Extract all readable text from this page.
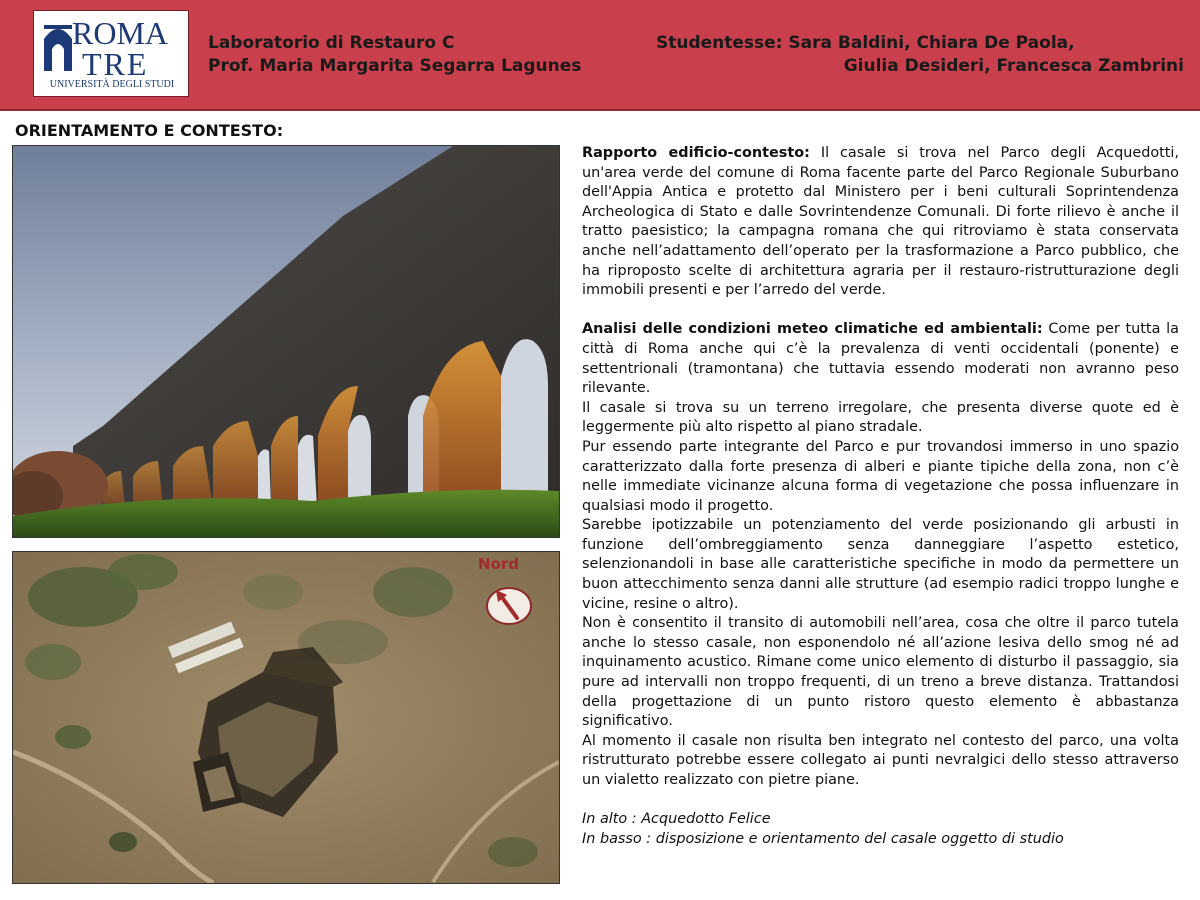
ROMA
TRE
UNIVERSITÀ DEGLI STUDI
Laboratorio di Restauro C
Prof. Maria Margarita Segarra Lagunes
Studentesse: Sara Baldini, Chiara De Paola,
Giulia Desideri, Francesca Zambrini
ORIENTAMENTO E CONTESTO:
Nord

Rapporto edificio-contesto: Il casale si trova nel Parco degli Acquedotti, un'area verde del comune di Roma facente parte del Parco Regionale Suburbano dell'Appia Antica e protetto dal Ministero per i beni culturali Soprintendenza Archeologica di Stato e dalle Sovrintendenze Comunali. Di forte rilievo è anche il tratto paesistico; la campagna romana che qui ritroviamo è stata conservata anche nell’adattamento dell’operato per la trasformazione a Parco pubblico, che ha riproposto scelte di architettura agraria per il restauro-ristrutturazione degli immobili presenti e per l’arredo del verde.

Analisi delle condizioni meteo climatiche ed ambientali: Come per tutta la città di Roma anche qui c’è la prevalenza di venti occidentali (ponente) e settentrionali (tramontana) che tuttavia essendo moderati non avranno peso rilevante.

Il casale si trova su un terreno irregolare, che presenta diverse quote ed è leggermente più alto rispetto al piano stradale.

Pur essendo parte integrante del Parco e pur trovandosi immerso in uno spazio caratterizzato dalla forte presenza di alberi e piante tipiche della zona, non c’è nelle immediate vicinanze alcuna forma di vegetazione che possa influenzare in qualsiasi modo il progetto.

Sarebbe ipotizzabile un potenziamento del verde posizionando gli arbusti in funzione dell’ombreggiamento senza danneggiare l’aspetto estetico, selenzionandoli in base alle caratteristiche specifiche in modo da permettere un buon attecchimento senza danni alle strutture (ad esempio radici troppo lunghe e vicine, resine o altro).

Non è consentito il transito di automobili nell’area, cosa che oltre il parco tutela anche lo stesso casale, non esponendolo né all’azione lesiva dello smog né ad inquinamento acustico. Rimane come unico elemento di disturbo il passaggio, sia pure ad intervalli non troppo frequenti, di un treno a breve distanza. Trattandosi della progettazione di un punto ristoro questo elemento è abbastanza significativo.

Al momento il casale non risulta ben integrato nel contesto del parco, una volta ristrutturato potrebbe essere collegato ai punti nevralgici dello stesso attraverso un vialetto realizzato con pietre piane.

In alto : Acquedotto Felice

In basso : disposizione e orientamento del casale oggetto di studio
